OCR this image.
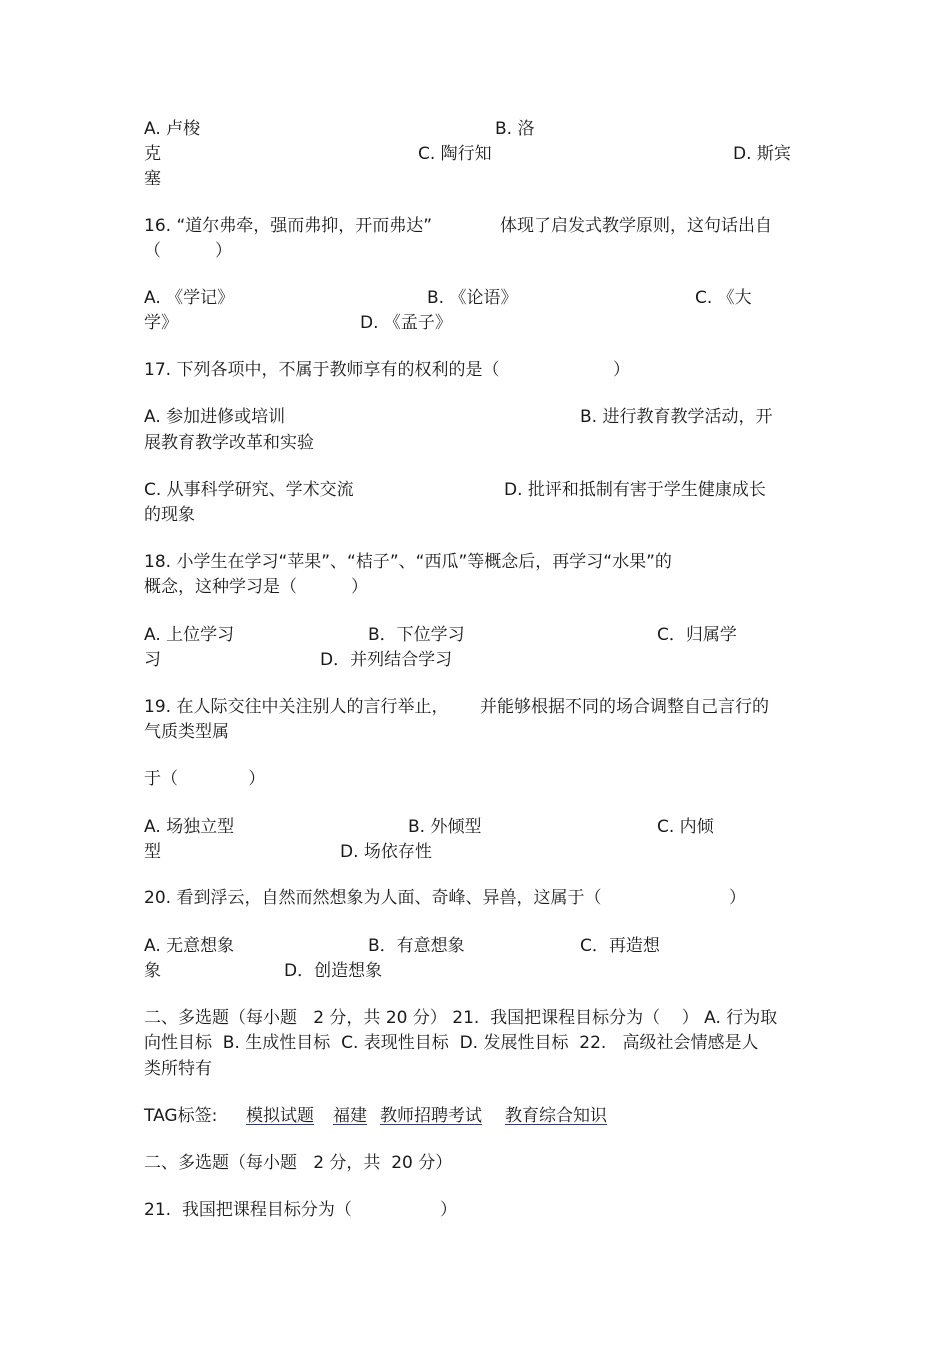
A. 卢梭	B. 洛
克	C. 陶行知	D. 斯宾
塞
16. “道尔弗牵，强而弗抑，开而弗达”	体现了启发式教学原则，这句话出自
（          ）
A. 《学记》	B. 《论语》	C. 《大
学》	D. 《孟子》
17. 下列各项中，不属于教师享有的权利的是（	）
A. 参加进修或培训	B. 进行教育教学活动，开
展教育教学改革和实验
C. 从事科学研究、学术交流	D. 批评和抵制有害于学生健康成长
的现象
18. 小学生在学习“苹果”、“桔子”、“西瓜”等概念后，再学习“水果”的
概念，这种学习是（          ）
A. 上位学习	B．下位学习	C．归属学
习	D．并列结合学习
19. 在人际交往中关注别人的言行举止， 并能够根据不同的场合调整自己言行的
气质类型属
于（             ）
A. 场独立型	B. 外倾型	C. 内倾
型	D. 场依存性
20. 看到浮云，自然而然想象为人面、奇峰、异兽，这属于（	）
A. 无意想象	B．有意想象	C．再造想
象	D．创造想象
二、多选题（每小题   2 分，共 20 分） 21.  我国把课程目标分为（    ） A. 行为取
向性目标  B. 生成性目标  C. 表现性目标  D. 发展性目标  22.   高级社会情感是人
类所特有
TAG标签: 模拟试题 福建 教师招聘考试 教育综合知识
二、多选题（每小题   2 分，共  20 分）
21.  我国把课程目标分为（	）
